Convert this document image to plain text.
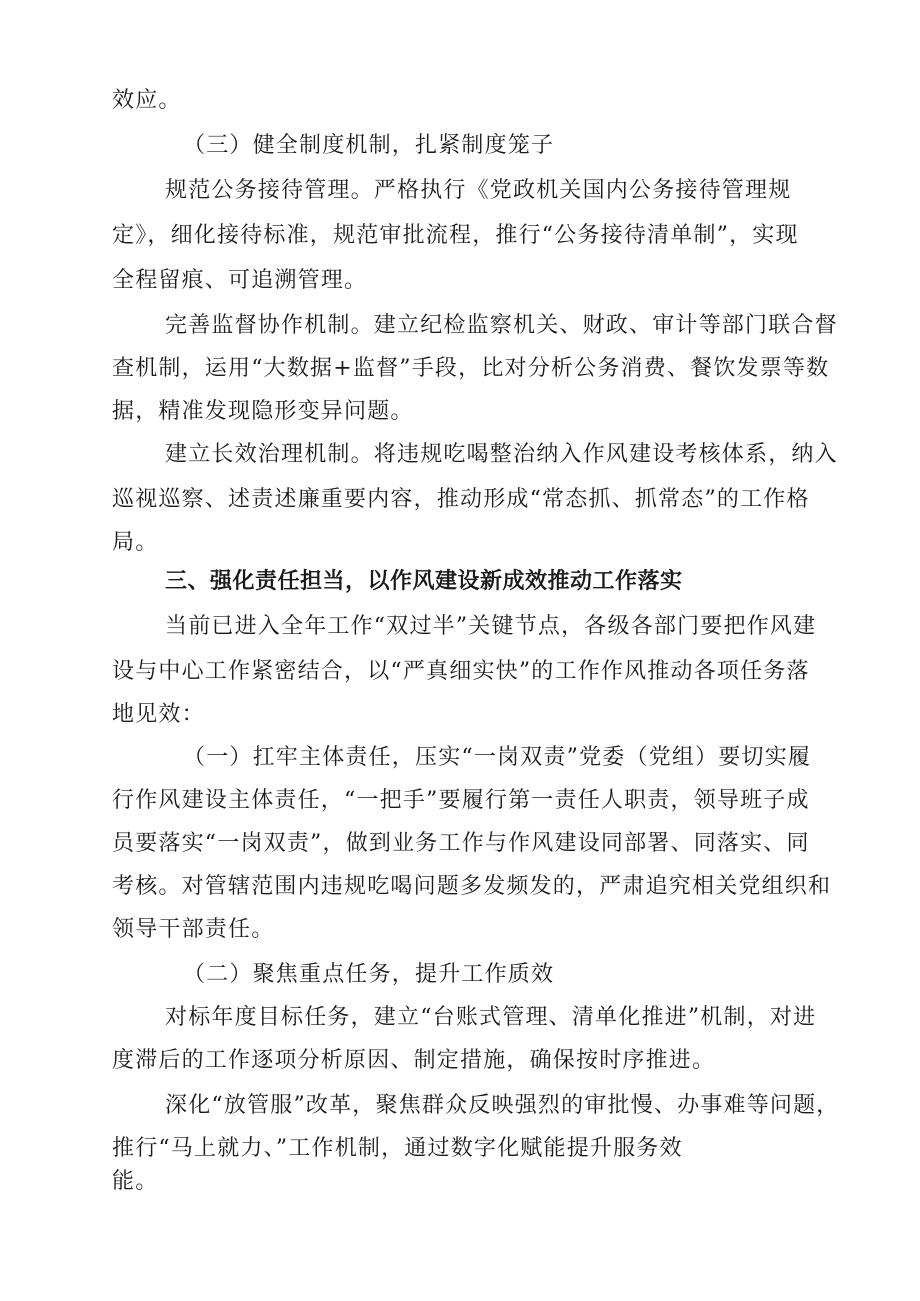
效应。
（三）健全制度机制，扎紧制度笼子
规范公务接待管理。严格执行《党政机关国内公务接待管理规
定》，细化接待标准，规范审批流程，推行“公务接待清单制”，实现
全程留痕、可追溯管理。
完善监督协作机制。建立纪检监察机关、财政、审计等部门联合督
查机制，运用“大数据+监督”手段，比对分析公务消费、餐饮发票等数
据，精准发现隐形变异问题。
建立长效治理机制。将违规吃喝整治纳入作风建设考核体系，纳入
巡视巡察、述责述廉重要内容，推动形成“常态抓、抓常态”的工作格
局。
三、强化责任担当，以作风建设新成效推动工作落实
当前已进入全年工作“双过半”关键节点，各级各部门要把作风建
设与中心工作紧密结合，以“严真细实快”的工作作风推动各项任务落
地见效：
（一）扛牢主体责任，压实“一岗双责”党委（党组）要切实履
行作风建设主体责任，“一把手”要履行第一责任人职责，领导班子成
员要落实“一岗双责”，做到业务工作与作风建设同部署、同落实、同
考核。对管辖范围内违规吃喝问题多发频发的，严肃追究相关党组织和
领导干部责任。
（二）聚焦重点任务，提升工作质效
对标年度目标任务，建立“台账式管理、清单化推进”机制，对进
度滞后的工作逐项分析原因、制定措施，确保按时序推进。
深化“放管服”改革，聚焦群众反映强烈的审批慢、办事难等问题，
推行“马上就力、”工作机制，通过数字化赋能提升服务效
能。
